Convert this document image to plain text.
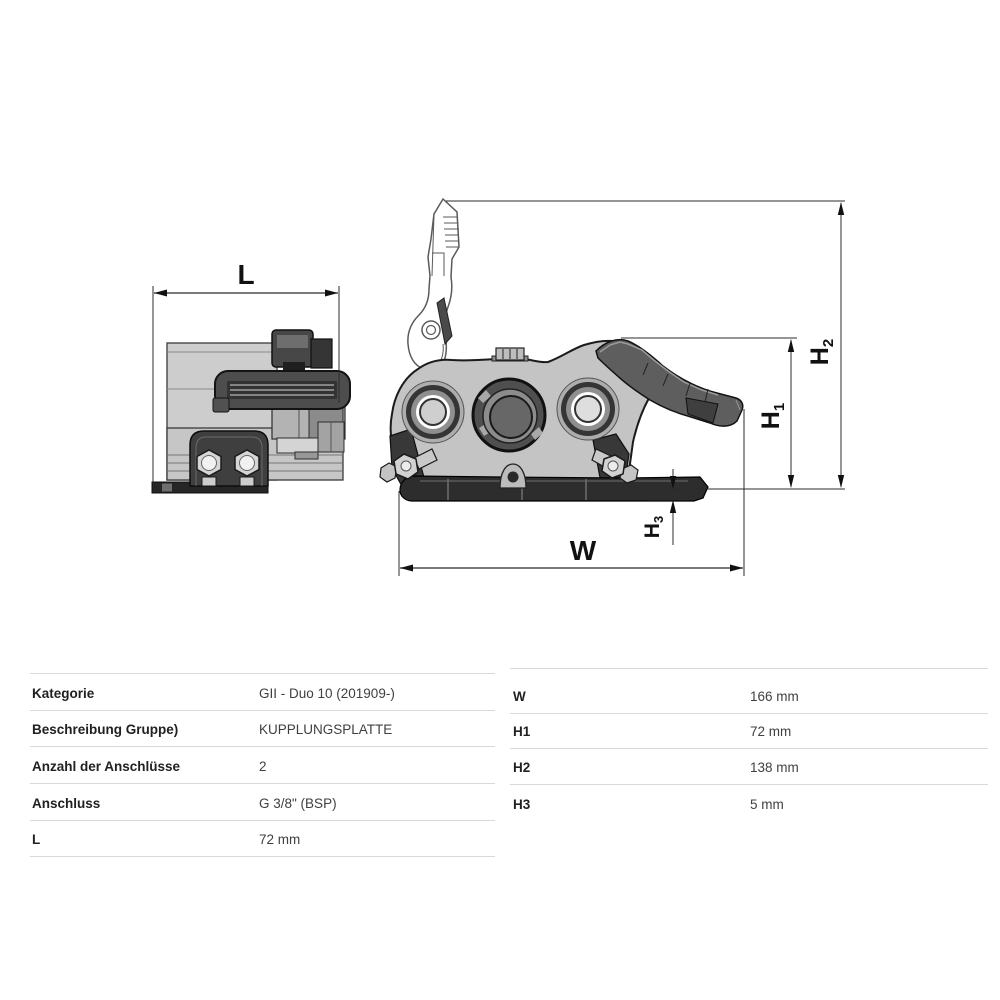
L
W
$H_2$
$H_1$
H3
Kategorie	GII - Duo 10 (201909-)
Beschreibung Gruppe)	KUPPLUNGSPLATTE
Anzahl der Anschlüsse	2
Anschluss	G 3/8" (BSP)
L	72 mm
W	166 mm
H1	72 mm
H2	138 mm
H3	5 mm
